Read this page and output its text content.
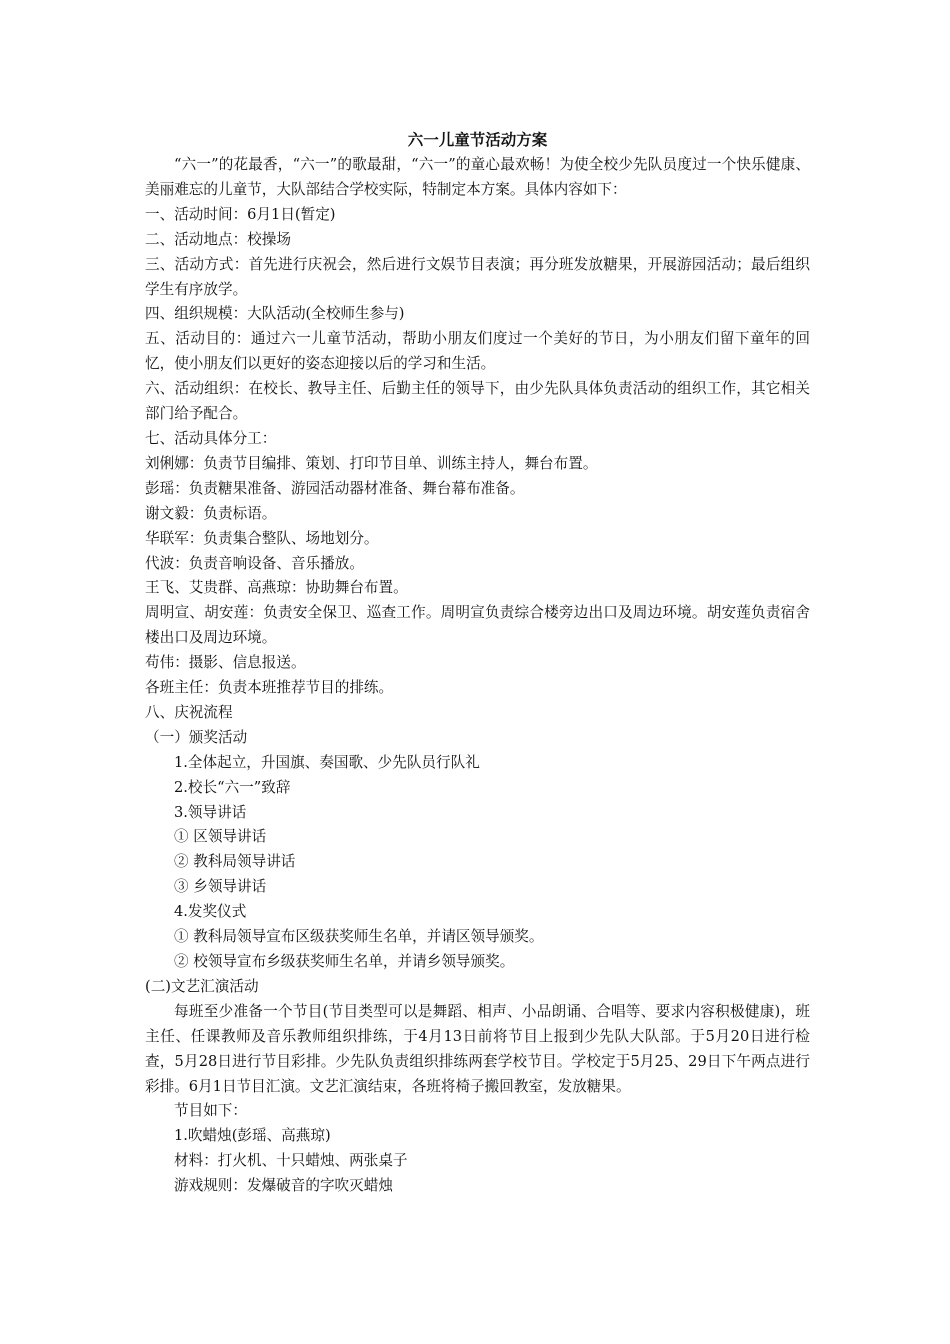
六一儿童节活动方案

“六一”的花最香，“六一”的歌最甜，“六一”的童心最欢畅！为使全校少先队员度过一个快乐健康、美丽难忘的儿童节，大队部结合学校实际，特制定本方案。具体内容如下：

一、活动时间：6月1日(暂定)

二、活动地点：校操场

三、活动方式：首先进行庆祝会，然后进行文娱节目表演；再分班发放糖果，开展游园活动；最后组织学生有序放学。

四、组织规模：大队活动(全校师生参与)

五、活动目的：通过六一儿童节活动，帮助小朋友们度过一个美好的节日，为小朋友们留下童年的回忆，使小朋友们以更好的姿态迎接以后的学习和生活。

六、活动组织：在校长、教导主任、后勤主任的领导下，由少先队具体负责活动的组织工作，其它相关部门给予配合。

七、活动具体分工：

刘俐娜：负责节目编排、策划、打印节目单、训练主持人，舞台布置。

彭瑶：负责糖果准备、游园活动器材准备、舞台幕布准备。

谢文毅：负责标语。

华联军：负责集合整队、场地划分。

代波：负责音响设备、音乐播放。

王飞、艾贵群、高燕琼：协助舞台布置。

周明宣、胡安莲：负责安全保卫、巡查工作。周明宣负责综合楼旁边出口及周边环境。胡安莲负责宿舍楼出口及周边环境。

苟伟：摄影、信息报送。

各班主任：负责本班推荐节目的排练。

八、庆祝流程

（一）颁奖活动

1.全体起立，升国旗、奏国歌、少先队员行队礼

2.校长“六一”致辞

3.领导讲话

① 区领导讲话

② 教科局领导讲话

③ 乡领导讲话

4.发奖仪式

① 教科局领导宣布区级获奖师生名单，并请区领导颁奖。

② 校领导宣布乡级获奖师生名单，并请乡领导颁奖。

(二)文艺汇演活动

每班至少准备一个节目(节目类型可以是舞蹈、相声、小品朗诵、合唱等、要求内容积极健康)，班主任、任课教师及音乐教师组织排练，于4月13日前将节目上报到少先队大队部。于5月20日进行检查，5月28日进行节目彩排。少先队负责组织排练两套学校节目。学校定于5月25、29日下午两点进行彩排。6月1日节目汇演。文艺汇演结束，各班将椅子搬回教室，发放糖果。

节目如下：

1.吹蜡烛(彭瑶、高燕琼)

材料：打火机、十只蜡烛、两张桌子

游戏规则：发爆破音的字吹灭蜡烛
